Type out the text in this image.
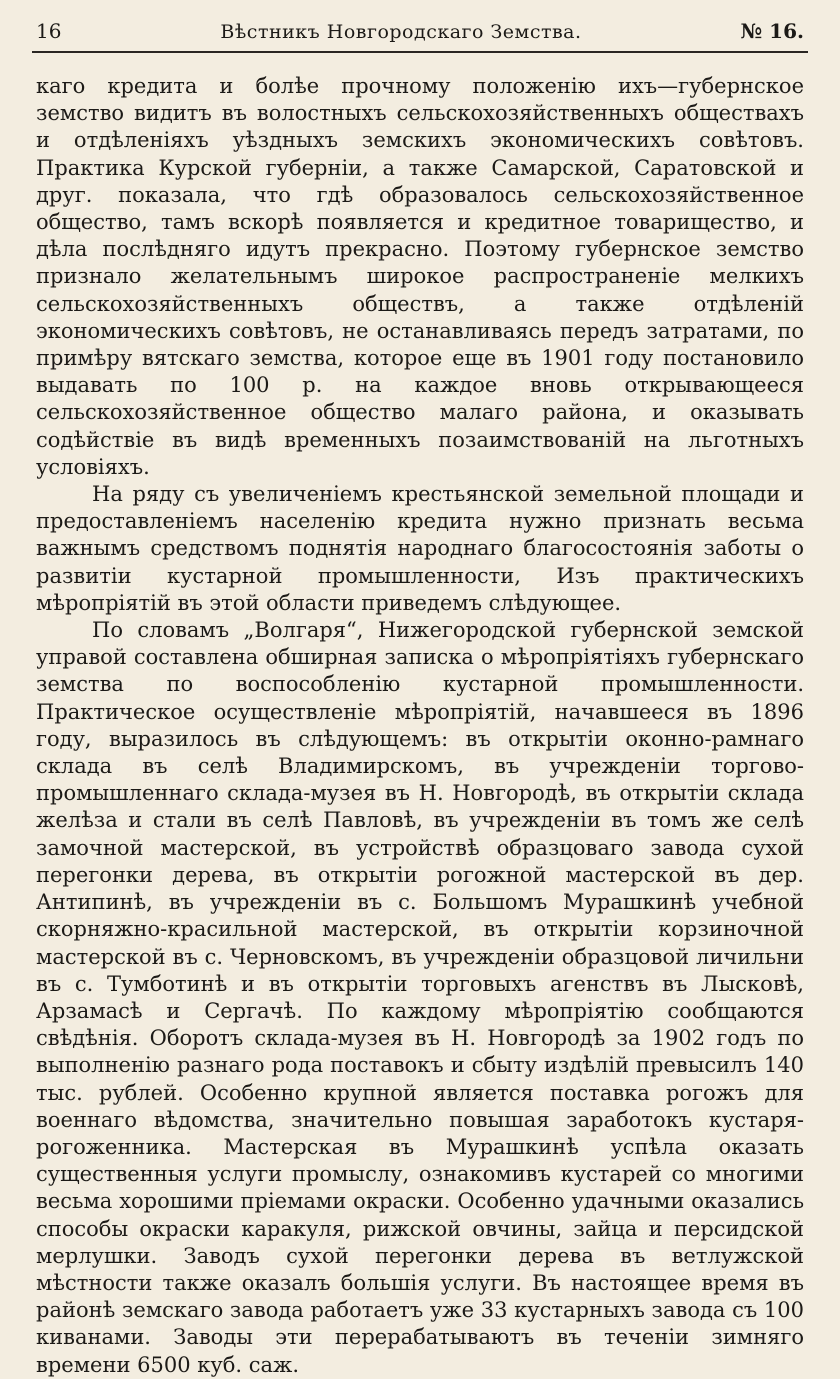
16	Вѣстникъ Новгородскаго Земства.	№ 16.

каго кредита и болѣе прочному положенію ихъ—губернское земство видитъ въ волостныхъ сельскохозяйственныхъ обществахъ и отдѣленіяхъ уѣздныхъ земскихъ экономическихъ совѣтовъ. Практика Курской губерніи, а также Самарской, Саратовской и друг. показала, что гдѣ образовалось сельскохозяйственное общество, тамъ вскорѣ появляется и кредитное товарищество, и дѣла послѣдняго идутъ прекрасно. Поэтому губернское земство признало желательнымъ широкое распространеніе мелкихъ сельскохозяйственныхъ обществъ, а также отдѣленій экономическихъ совѣтовъ, не останавливаясь передъ затратами, по примѣру вятскаго земства, которое еще въ 1901 году постановило выдавать по 100 р. на каждое вновь открывающееся сельскохозяйственное общество малаго района, и оказывать содѣйствіе въ видѣ временныхъ позаимствованій на льготныхъ условіяхъ.

На ряду съ увеличеніемъ крестьянской земельной площади и предоставленіемъ населенію кредита нужно признать весьма важнымъ средствомъ поднятія народнаго благосостоянія заботы о развитіи кустарной промышленности, Изъ практическихъ мѣропріятій въ этой области приведемъ слѣдующее.

По словамъ „Волгаря“, Нижегородской губернской земской управой составлена обширная записка о мѣропріятіяхъ губернскаго земства по воспособленію кустарной промышленности. Практическое осуществленіе мѣропріятій, начавшееся въ 1896 году, выразилось въ слѣдующемъ: въ открытіи оконно-рамнаго склада въ селѣ Владимирскомъ, въ учрежденіи торгово-промышленнаго склада-музея въ Н. Новгородѣ, въ открытіи склада желѣза и стали въ селѣ Павловѣ, въ учрежденіи въ томъ же селѣ замочной мастерской, въ устройствѣ образцоваго завода сухой перегонки дерева, въ открытіи рогожной мастерской въ дер. Антипинѣ, въ учрежденіи въ с. Большомъ Мурашкинѣ учебной скорняжно-красильной мастерской, въ открытіи корзиночной мастерской въ с. Черновскомъ, въ учрежденіи образцовой личильни въ с. Тумботинѣ и въ открытіи торговыхъ агенствъ въ Лысковѣ, Арзамасѣ и Сергачѣ. По каждому мѣропріятію сообщаются свѣдѣнія. Оборотъ склада-музея въ Н. Новгородѣ за 1902 годъ по выполненію разнаго рода поставокъ и сбыту издѣлій превысилъ 140 тыс. рублей. Особенно крупной является поставка рогожъ для военнаго вѣдомства, значительно повышая заработокъ кустаря-рогоженника. Мастерская въ Мурашкинѣ успѣла оказать существенныя услуги промыслу, ознакомивъ кустарей со многими весьма хорошими пріемами окраски. Особенно удачными оказались способы окраски каракуля, рижской овчины, зайца и персидской мерлушки. Заводъ сухой перегонки дерева въ ветлужской мѣстности также оказалъ большія услуги. Въ настоящее время въ районѣ земскаго завода работаетъ уже 33 кустарныхъ завода съ 100 киванами. Заводы эти перерабатываютъ въ теченіи зимняго времени 6500 куб. саж.
